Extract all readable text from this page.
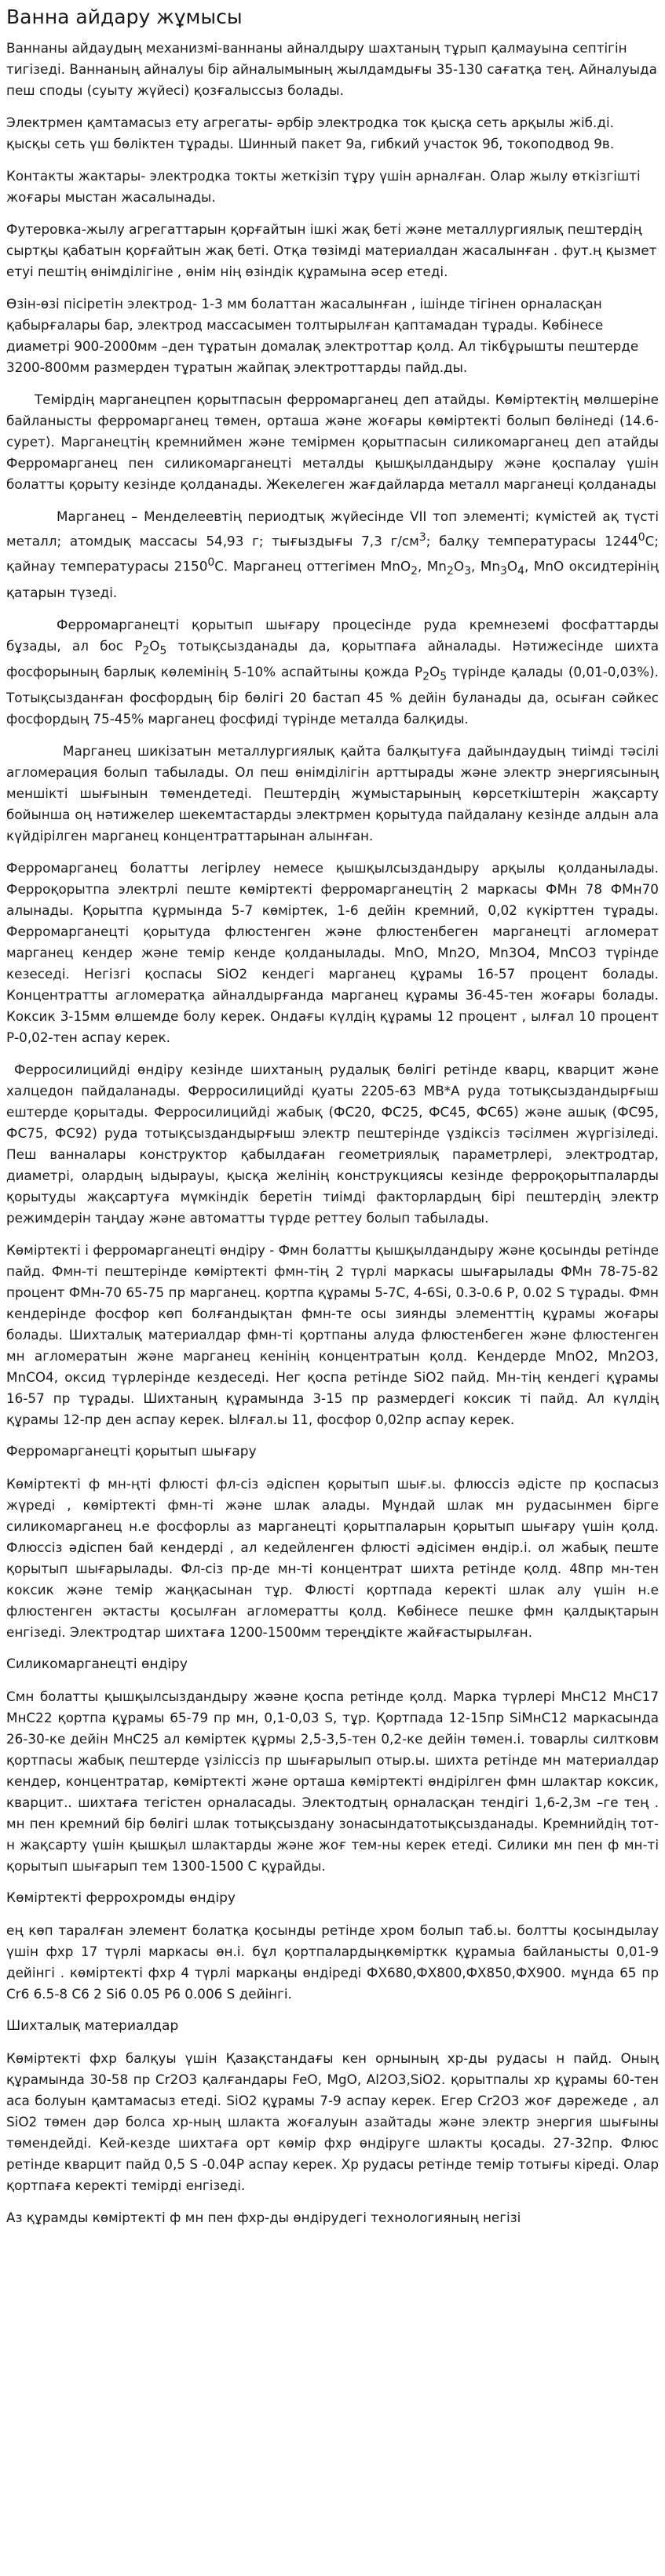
Ванна айдару жұмысы

Ваннаны айдаудың механизмі-ваннаны айналдыру шахтаның тұрып қалмауына септігін тигізеді. Ваннаның айналуы бір айналымының жылдамдығы 35-130 сағатқа тең. Айналуыда пеш споды (суыту жүйесі) қозғалыссыз болады.

Электрмен қамтамасыз ету агрегаты- әрбір электродка ток қысқа сеть арқылы жіб.ді. қысқы сеть үш бөліктен тұрады. Шинный пакет 9а, гибкий участок 9б, токоподвод 9в.

Контакты жактары- электродка токты жеткізіп тұру үшін арналған. Олар жылу өткізгішті жоғары мыстан жасалынады.

Футеровка-жылу агрегаттарын қорғайтын ішкі жақ беті және металлургиялық пештердің сыртқы қабатын қорғайтын жақ беті. Отқа төзімді материалдан жасалынған . фут.ң қызмет етуі пештің өнімділігіне , өнім нің өзіндік құрамына әсер етеді.

Өзін-өзі пісіретін электрод- 1-3 мм болаттан жасалынған , ішінде тігінен орналасқан қабырғалары бар, электрод массасымен толтырылған қаптамадан тұрады. Көбінесе диаметрі 900-2000мм –ден тұратын домалақ электроттар қолд. Ал тікбұрышты пештерде 3200-800мм размерден тұратын жайпақ электроттарды пайд.ды.

Темірдің марганецпен қорытпасын ферромарганец деп атайды. Көміртектің мөлшеріне байланысты ферромарганец төмен, орташа және жоғары көміртекті болып бөлінеді (14.6-сурет). Марганецтің кремниймен және темірмен қорытпасын силикомарганец деп атайды Ферромарганец пен силикомарганецті металды қышқылдандыру және қоспалау үшін болатты қорыту кезінде қолданады. Жекелеген жағдайларда металл марганеці қолданады

Марганец – Менделеевтің периодтық жүйесінде VII топ элементі; күмістей ақ түсті металл; атомдық массасы 54,93 г; тығыздығы 7,3 $г/см^3$; балқу температурасы 1244$^0$С; қайнау температурасы 2150$^0$С. Марганец оттегімен MnO$_2$, $Mn_2O_3$, $Mn_3O_4$, MnO оксидтерінің қатарын түзеді.

Ферромарганецті қорытып шығару процесінде руда кремнеземі фосфаттарды бұзады, ал бос $P_2O_5$ тотықсызданады да, қорытпаға айналады. Нәтижесінде шихта фосфорының барлық көлемінің 5-10% аспайтыны қожда $P_2O_5$ түрінде қалады (0,01-0,03%). Тотықсызданған фосфордың бір бөлігі 20 бастап 45 % дейін буланады да, осыған сәйкес фосфордың 75-45% марганец фосфиді түрінде металда балқиды.

Марганец шикізатын металлургиялық қайта балқытуға дайындаудың тиімді тәсілі агломерация болып табылады. Ол пеш өнімділігін арттырады және электр энергиясының меншікті шығынын төмендетеді. Пештердің жұмыстарының көрсеткіштерін жақсарту бойынша оң нәтижелер шекемтастарды электрмен қорытуда пайдалану кезінде алдын ала күйдірілген марганец концентраттарынан алынған.

Ферромарганец болатты легірлеу немесе қышқылсыздандыру арқылы қолданылады. Ферроқорытпа электрлі пеште көміртекті ферромарганецтің 2 маркасы ФМн 78 ФМн70 алынады. Қорытпа құрмында 5-7 көміртек, 1-6 дейін кремний, 0,02 күкірттен тұрады. Ферромарганецті қорытуда флюстенген және флюстенбеген марганецті агломерат марганец кендер және темір кенде қолданылады. MnO, Mn2O, Mn3O4, MnCO3 түрінде кезеседі. Негізгі қоспасы SiO2 кендегі марганец құрамы 16-57 процент болады. Концентратты агломератқа айналдырғанда марганец құрамы 36-45-тен жоғары болады. Коксик 3-15мм өлшемде болу керек. Ондағы күлдің құрамы 12 процент , ылғал 10 процент Р-0,02-тен аспау керек.

Ферросилицийді өндіру кезінде шихтаның рудалық бөлігі ретінде кварц, кварцит және халцедон пайдаланады. Ферросилицийді қуаты 2205-63 МВ*А руда тотықсыздандырғыш ештерде қорытады. Ферросилицийді жабық (ФС20, ФС25, ФС45, ФС65) және ашық (ФС95, ФС75, ФС92) руда тотықсыздандырғыш электр пештерінде үздіксіз тәсілмен жүргізіледі. Пеш ванналары конструктор қабылдаған геометриялық параметрлері, электродтар, диаметрі, олардың ыдырауы, қысқа желінің конструкциясы кезінде ферроқорытпаларды қорытуды жақсартуға мүмкіндік беретін тиімді факторлардың бірі пештердің электр режимдерін таңдау және автоматты түрде реттеу болып табылады.

Көміртекті і ферромарганецті өндіру - Фмн болатты қышқылдандыру және қосынды ретінде пайд. Фмн-ті пештерінде көміртекті фмн-тің 2 түрлі маркасы шығарылады ФМн 78-75-82 процент ФМн-70 65-75 пр марганец. қортпа құрамы 5-7С, 4-6Si, 0.3-0.6 Р, 0.02 S тұрады. Фмн кендерінде фосфор көп болғандықтан фмн-те осы зиянды элементтің құрамы жоғары болады. Шихталық материалдар фмн-ті қортпаны алуда флюстенбеген және флюстенген мн агломератын және марганец кенінің концентратын қолд. Кендерде MnO2, Mn2O3, MnCO4, оксид түрлерінде кездеседі. Нег қоспа ретінде SiO2 пайд. Мн-тің кендегі құрамы 16-57 пр тұрады. Шихтаның құрамында 3-15 пр размердегі коксик ті пайд. Ал күлдің құрамы 12-пр ден аспау керек. Ылғал.ы 11, фосфор 0,02пр аспау керек.

Ферромарганецті қорытып шығару

Көміртекті ф мн-ңті флюсті фл-сіз әдіспен қорытып шығ.ы. флюссіз әдісте пр қоспасыз жүреді , көміртекті фмн-ті және шлак алады. Мұндай шлак мн рудасынмен бірге силикомарганец н.е фосфорлы аз марганецті қорытпаларын қорытып шығару үшін қолд. Флюссіз әдіспен бай кендерді , ал кедейленген флюсті әдісімен өндір.і. ол жабық пеште қорытып шығарылады. Фл-сіз пр-де мн-ті концентрат шихта ретінде қолд. 48пр мн-тен коксик және темір жаңқасынан тұр. Флюсті қортпада керекті шлак алу үшін н.е флюстенген әктасты қосылған агломератты қолд. Көбінесе пешке фмн қалдықтарын енгізеді. Электродтар шихтаға 1200-1500мм тереңдікте жайғастырылған.

Силикомарганецті өндіру

Смн болатты қышқылсыздандыру жәәне қоспа ретінде қолд. Марка түрлері МнС12 МнС17 МнС22 қортпа құрамы 65-79 пр мн, 0,1-0,03 S, тұр. Қортпада 12-15пр SiМнС12 маркасында 26-30-ке дейін МнС25 ал көміртек құрмы 2,5-3,5-тен 0,2-ке дейін төмен.і. товарлы силтковм қортпасы жабық пештерде үзіліссіз пр шығарылып отыр.ы. шихта ретінде мн материалдар кендер, концентратар, көміртекті және орташа көміртекті өндірілген фмн шлактар коксик, кварцит.. шихтаға тегістен орналасады. Электодтың орналасқан тендігі 1,6-2,3м –ге тең . мн пен кремний бір бөлігі шлак тотықсыздану зонасындатотықсызданады. Кремнийдің тот-н жақсарту үшін қышқыл шлактарды және жоғ тем-ны керек етеді. Силики мн пен ф мн-ті қорытып шығарып тем 1300-1500 С құрайды.

Көміртекті феррохромды өндіру

ең көп таралған элемент болатқа қосынды ретінде хром болып таб.ы. болтты қосындылау үшін фхр 17 түрлі маркасы өн.і. бұл қортпалардыңкөмірткк құрамыа байланысты 0,01-9 дейінгі . көміртекті фхр 4 түрлі маркаңы өндіреді ФХ680,ФХ800,ФХ850,ФХ900. мұнда 65 пр Сr6 6.5-8 С6 2 Si6 0.05 P6 0.006 S дейінгі.

Шихталық материалдар

Көміртекті фхр балқуы үшін Қазақстандағы кен орнының хр-ды рудасы н пайд. Оның құрамында 30-58 пр Cr2O3 қалғандары FeO, MgO, Al2O3,SiO2. қорытпалы хр құрамы 60-тен аса болуын қамтамасыз етеді. SiO2 құрамы 7-9 аспау керек. Егер Cr2O3 жоғ дәрежеде , ал SiO2 төмен дәр болса хр-ның шлакта жоғалуын азайтады және электр энергия шығыны төмендейді. Кей-кезде шихтаға орт көмір фхр өндіруге шлакты қосады. 27-32пр. Флюс ретінде кварцит пайд 0,5 S -0.04Р аспау керек. Хр рудасы ретінде темір тотығы кіреді. Олар қортпаға керекті темірді енгізеді.

Аз құрамды көміртекті ф мн пен фхр-ды өндірудегі технологияның негізі
